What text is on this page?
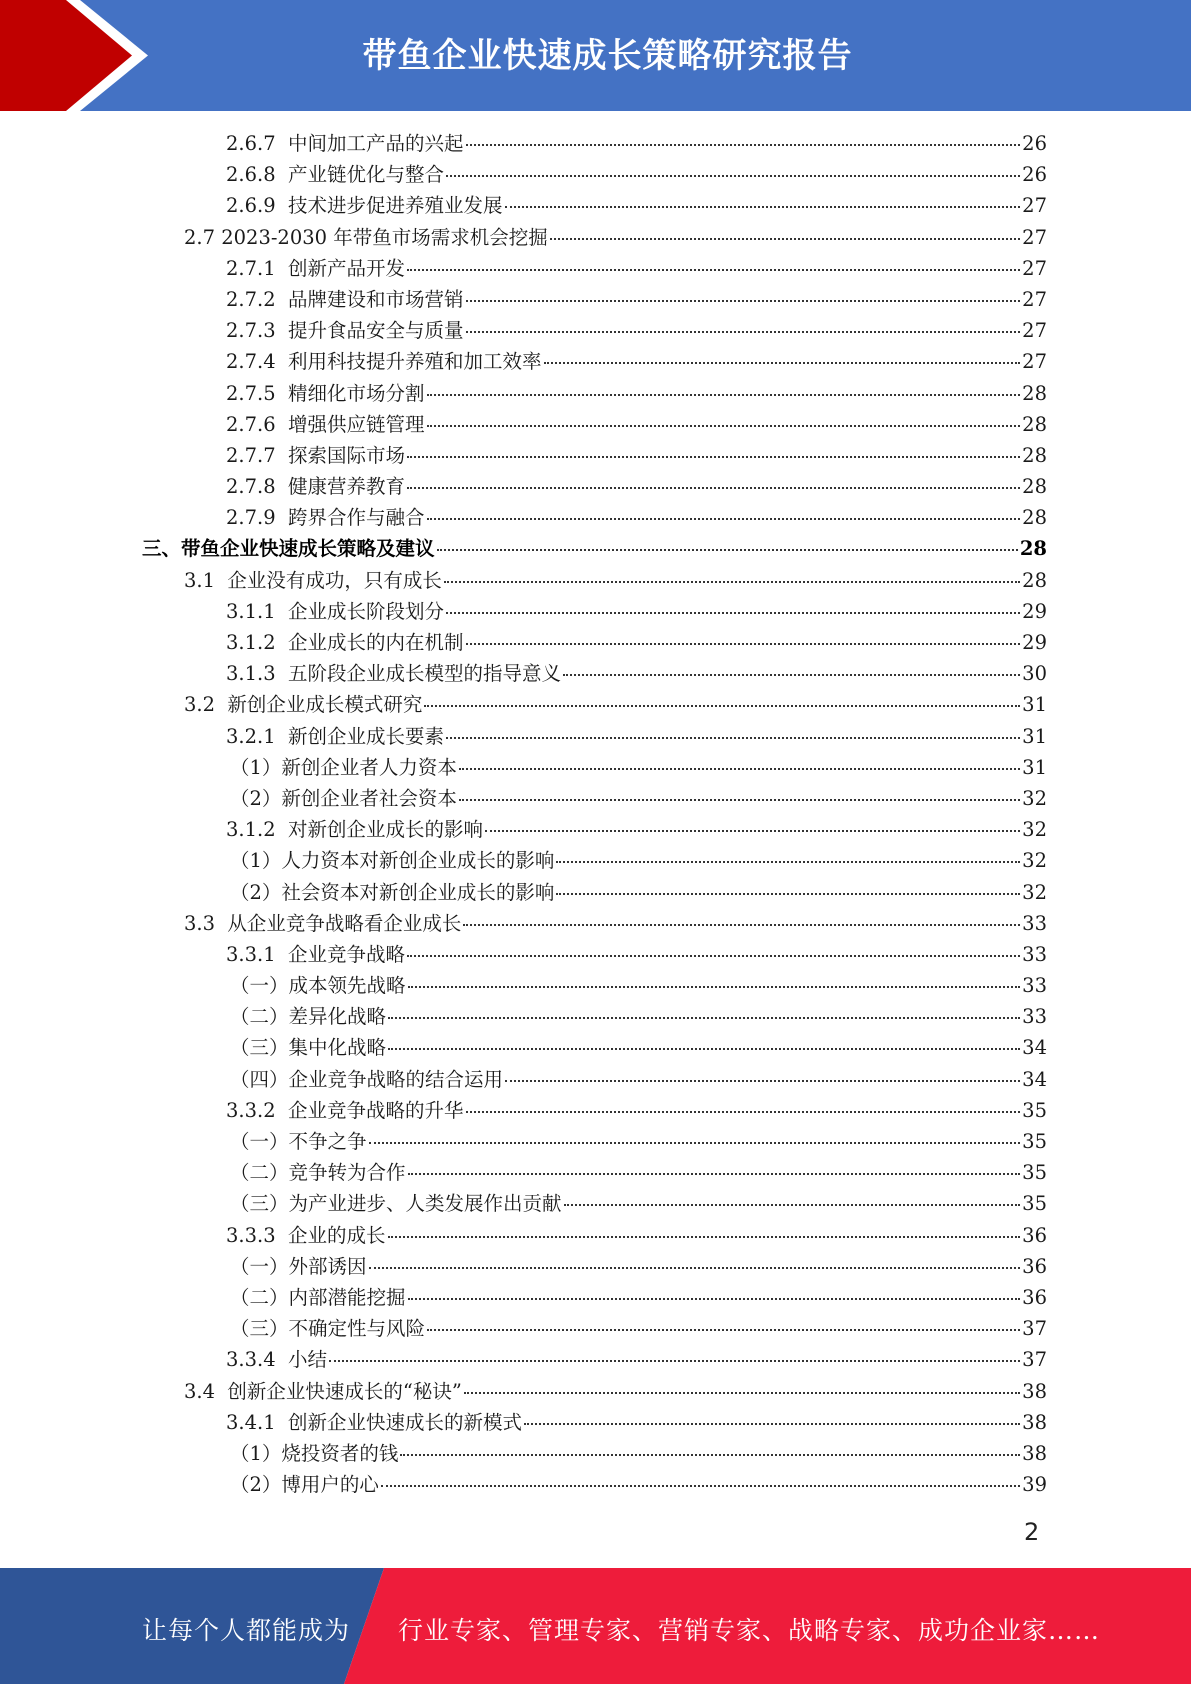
带鱼企业快速成长策略研究报告
2.6.7 中间加工产品的兴起	26
2.6.8 产业链优化与整合	26
2.6.9 技术进步促进养殖业发展	27
2.7 2023-2030 年带鱼市场需求机会挖掘	27
2.7.1 创新产品开发	27
2.7.2 品牌建设和市场营销	27
2.7.3 提升食品安全与质量	27
2.7.4 利用科技提升养殖和加工效率	27
2.7.5 精细化市场分割	28
2.7.6 增强供应链管理	28
2.7.7 探索国际市场	28
2.7.8 健康营养教育	28
2.7.9 跨界合作与融合	28
三、带鱼企业快速成长策略及建议	28
3.1 企业没有成功，只有成长	28
3.1.1 企业成长阶段划分	29
3.1.2 企业成长的内在机制	29
3.1.3 五阶段企业成长模型的指导意义	30
3.2 新创企业成长模式研究	31
3.2.1 新创企业成长要素	31
（1）新创企业者人力资本	31
（2）新创企业者社会资本	32
3.1.2 对新创企业成长的影响	32
（1）人力资本对新创企业成长的影响	32
（2）社会资本对新创企业成长的影响	32
3.3 从企业竞争战略看企业成长	33
3.3.1 企业竞争战略	33
（一）成本领先战略	33
（二）差异化战略	33
（三）集中化战略	34
（四）企业竞争战略的结合运用	34
3.3.2 企业竞争战略的升华	35
（一）不争之争	35
（二）竞争转为合作	35
（三）为产业进步、人类发展作出贡献	35
3.3.3 企业的成长	36
（一）外部诱因	36
（二）内部潜能挖掘	36
（三）不确定性与风险	37
3.3.4 小结	37
3.4 创新企业快速成长的“秘诀”	38
3.4.1 创新企业快速成长的新模式	38
（1）烧投资者的钱	38
（2）博用户的心	39
2
让每个人都能成为 行业专家、管理专家、营销专家、战略专家、成功企业家……
